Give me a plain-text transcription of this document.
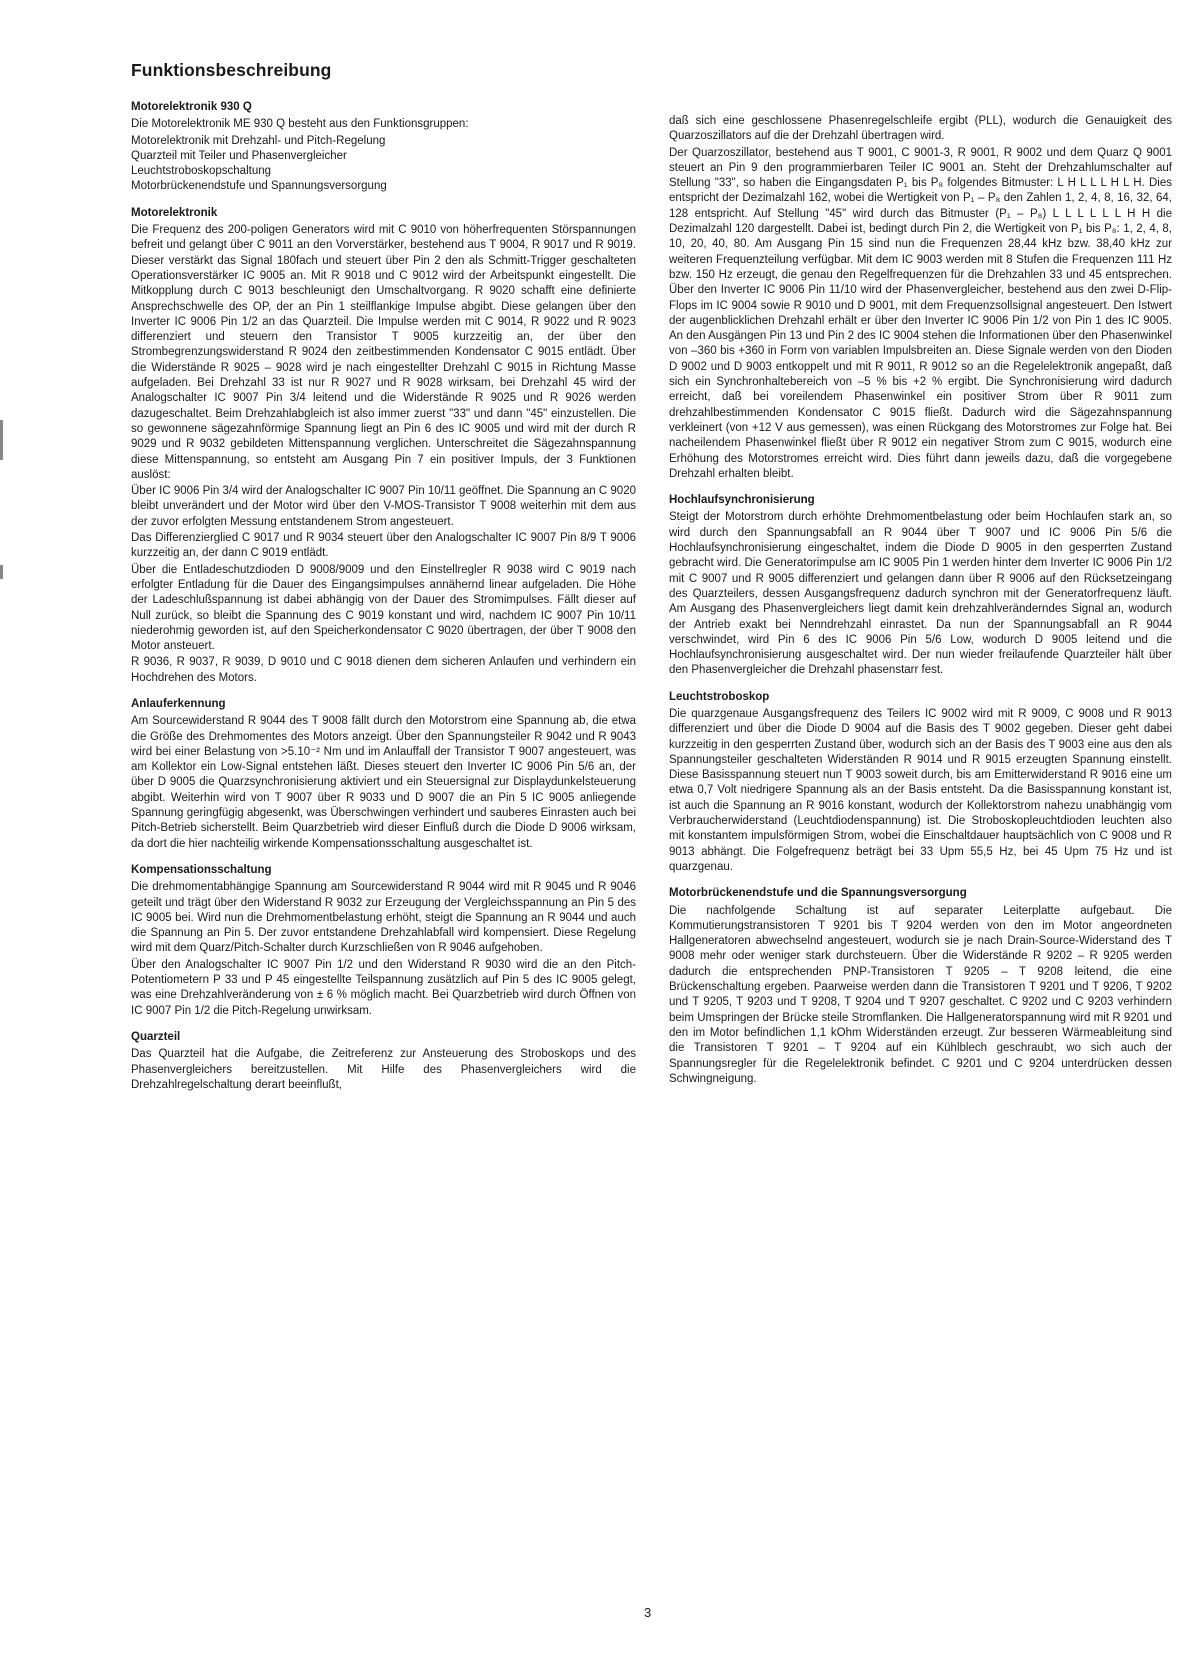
Funktionsbeschreibung
Motorelektronik 930 Q

Die Motorelektronik ME 930 Q besteht aus den Funktionsgruppen:

Motorelektronik mit Drehzahl- und Pitch-Regelung
Quarzteil mit Teiler und Phasenvergleicher
Leuchtstroboskopschaltung
Motorbrückenendstufe und Spannungsversorgung
Motorelektronik

Die Frequenz des 200-poligen Generators wird mit C 9010 von höherfrequenten Störspannungen befreit und gelangt über C 9011 an den Vorverstärker, bestehend aus T 9004, R 9017 und R 9019. Dieser verstärkt das Signal 180fach und steuert über Pin 2 den als Schmitt-Trigger geschalteten Operationsverstärker IC 9005 an. Mit R 9018 und C 9012 wird der Arbeitspunkt eingestellt. Die Mitkopplung durch C 9013 beschleunigt den Umschaltvorgang. R 9020 schafft eine definierte Ansprechschwelle des OP, der an Pin 1 steilflankige Impulse abgibt. Diese gelangen über den Inverter IC 9006 Pin 1/2 an das Quarzteil. Die Impulse werden mit C 9014, R 9022 und R 9023 differenziert und steuern den Transistor T 9005 kurzzeitig an, der über den Strombegrenzungswiderstand R 9024 den zeitbestimmenden Kondensator C 9015 entlädt. Über die Widerstände R 9025 – 9028 wird je nach eingestellter Drehzahl C 9015 in Richtung Masse aufgeladen. Bei Drehzahl 33 ist nur R 9027 und R 9028 wirksam, bei Drehzahl 45 wird der Analogschalter IC 9007 Pin 3/4 leitend und die Widerstände R 9025 und R 9026 werden dazugeschaltet. Beim Drehzahlabgleich ist also immer zuerst "33" und dann "45" einzustellen. Die so gewonnene sägezahnförmige Spannung liegt an Pin 6 des IC 9005 und wird mit der durch R 9029 und R 9032 gebildeten Mittenspannung verglichen. Unterschreitet die Sägezahnspannung diese Mittenspannung, so entsteht am Ausgang Pin 7 ein positiver Impuls, der 3 Funktionen auslöst:

Über IC 9006 Pin 3/4 wird der Analogschalter IC 9007 Pin 10/11 geöffnet. Die Spannung an C 9020 bleibt unverändert und der Motor wird über den V-MOS-Transistor T 9008 weiterhin mit dem aus der zuvor erfolgten Messung entstandenem Strom angesteuert.

Das Differenzierglied C 9017 und R 9034 steuert über den Analogschalter IC 9007 Pin 8/9 T 9006 kurzzeitig an, der dann C 9019 entlädt.

Über die Entladeschutzdioden D 9008/9009 und den Einstellregler R 9038 wird C 9019 nach erfolgter Entladung für die Dauer des Eingangsimpulses annähernd linear aufgeladen. Die Höhe der Ladeschlußspannung ist dabei abhängig von der Dauer des Stromimpulses. Fällt dieser auf Null zurück, so bleibt die Spannung des C 9019 konstant und wird, nachdem IC 9007 Pin 10/11 niederohmig geworden ist, auf den Speicherkondensator C 9020 übertragen, der über T 9008 den Motor ansteuert.

R 9036, R 9037, R 9039, D 9010 und C 9018 dienen dem sicheren Anlaufen und verhindern ein Hochdrehen des Motors.

Anlauferkennung

Am Sourcewiderstand R 9044 des T 9008 fällt durch den Motorstrom eine Spannung ab, die etwa die Größe des Drehmomentes des Motors anzeigt. Über den Spannungsteiler R 9042 und R 9043 wird bei einer Belastung von >5.10⁻² Nm und im Anlauffall der Transistor T 9007 angesteuert, was am Kollektor ein Low-Signal entstehen läßt. Dieses steuert den Inverter IC 9006 Pin 5/6 an, der über D 9005 die Quarzsynchronisierung aktiviert und ein Steuersignal zur Displaydunkelsteuerung abgibt. Weiterhin wird von T 9007 über R 9033 und D 9007 die an Pin 5 IC 9005 anliegende Spannung geringfügig abgesenkt, was Überschwingen verhindert und sauberes Einrasten auch bei Pitch-Betrieb sicherstellt. Beim Quarzbetrieb wird dieser Einfluß durch die Diode D 9006 wirksam, da dort die hier nachteilig wirkende Kompensationsschaltung ausgeschaltet ist.

Kompensationsschaltung

Die drehmomentabhängige Spannung am Sourcewiderstand R 9044 wird mit R 9045 und R 9046 geteilt und trägt über den Widerstand R 9032 zur Erzeugung der Vergleichsspannung an Pin 5 des IC 9005 bei. Wird nun die Drehmomentbelastung erhöht, steigt die Spannung an R 9044 und auch die Spannung an Pin 5. Der zuvor entstandene Drehzahlabfall wird kompensiert. Diese Regelung wird mit dem Quarz/Pitch-Schalter durch Kurzschließen von R 9046 aufgehoben.

Über den Analogschalter IC 9007 Pin 1/2 und den Widerstand R 9030 wird die an den Pitch-Potentiometern P 33 und P 45 eingestellte Teilspannung zusätzlich auf Pin 5 des IC 9005 gelegt, was eine Drehzahlveränderung von ± 6 % möglich macht. Bei Quarzbetrieb wird durch Öffnen von IC 9007 Pin 1/2 die Pitch-Regelung unwirksam.

Quarzteil

Das Quarzteil hat die Aufgabe, die Zeitreferenz zur Ansteuerung des Stroboskops und des Phasenvergleichers bereitzustellen. Mit Hilfe des Phasenvergleichers wird die Drehzahlregelschaltung derart beeinflußt,

daß sich eine geschlossene Phasenregelschleife ergibt (PLL), wodurch die Genauigkeit des Quarzoszillators auf die der Drehzahl übertragen wird.

Der Quarzoszillator, bestehend aus T 9001, C 9001-3, R 9001, R 9002 und dem Quarz Q 9001 steuert an Pin 9 den programmierbaren Teiler IC 9001 an. Steht der Drehzahlumschalter auf Stellung "33", so haben die Eingangsdaten P₁ bis P₈ folgendes Bitmuster: L H L L L H L H. Dies entspricht der Dezimalzahl 162, wobei die Wertigkeit von P₁ – P₈ den Zahlen 1, 2, 4, 8, 16, 32, 64, 128 entspricht. Auf Stellung "45" wird durch das Bitmuster (P₁ – P₈) L L L L L L H H die Dezimalzahl 120 dargestellt. Dabei ist, bedingt durch Pin 2, die Wertigkeit von P₁ bis P₈: 1, 2, 4, 8, 10, 20, 40, 80. Am Ausgang Pin 15 sind nun die Frequenzen 28,44 kHz bzw. 38,40 kHz zur weiteren Frequenzteilung verfügbar. Mit dem IC 9003 werden mit 8 Stufen die Frequenzen 111 Hz bzw. 150 Hz erzeugt, die genau den Regelfrequenzen für die Drehzahlen 33 und 45 entsprechen. Über den Inverter IC 9006 Pin 11/10 wird der Phasenvergleicher, bestehend aus den zwei D-Flip-Flops im IC 9004 sowie R 9010 und D 9001, mit dem Frequenzsollsignal angesteuert. Den Istwert der augenblicklichen Drehzahl erhält er über den Inverter IC 9006 Pin 1/2 von Pin 1 des IC 9005. An den Ausgängen Pin 13 und Pin 2 des IC 9004 stehen die Informationen über den Phasenwinkel von –360 bis +360 in Form von variablen Impulsbreiten an. Diese Signale werden von den Dioden D 9002 und D 9003 entkoppelt und mit R 9011, R 9012 so an die Regelelektronik angepaßt, daß sich ein Synchronhaltebereich von –5 % bis +2 % ergibt. Die Synchronisierung wird dadurch erreicht, daß bei voreilendem Phasenwinkel ein positiver Strom über R 9011 zum drehzahlbestimmenden Kondensator C 9015 fließt. Dadurch wird die Sägezahnspannung verkleinert (von +12 V aus gemessen), was einen Rückgang des Motorstromes zur Folge hat. Bei nacheilendem Phasenwinkel fließt über R 9012 ein negativer Strom zum C 9015, wodurch eine Erhöhung des Motorstromes erreicht wird. Dies führt dann jeweils dazu, daß die vorgegebene Drehzahl erhalten bleibt.

Hochlaufsynchronisierung

Steigt der Motorstrom durch erhöhte Drehmomentbelastung oder beim Hochlaufen stark an, so wird durch den Spannungsabfall an R 9044 über T 9007 und IC 9006 Pin 5/6 die Hochlaufsynchronisierung eingeschaltet, indem die Diode D 9005 in den gesperrten Zustand gebracht wird. Die Generatorimpulse am IC 9005 Pin 1 werden hinter dem Inverter IC 9006 Pin 1/2 mit C 9007 und R 9005 differenziert und gelangen dann über R 9006 auf den Rücksetzeingang des Quarzteilers, dessen Ausgangsfrequenz dadurch synchron mit der Generatorfrequenz läuft. Am Ausgang des Phasenvergleichers liegt damit kein drehzahlveränderndes Signal an, wodurch der Antrieb exakt bei Nenndrehzahl einrastet. Da nun der Spannungsabfall an R 9044 verschwindet, wird Pin 6 des IC 9006 Pin 5/6 Low, wodurch D 9005 leitend und die Hochlaufsynchronisierung ausgeschaltet wird. Der nun wieder freilaufende Quarzteiler hält über den Phasenvergleicher die Drehzahl phasenstarr fest.

Leuchtstroboskop

Die quarzgenaue Ausgangsfrequenz des Teilers IC 9002 wird mit R 9009, C 9008 und R 9013 differenziert und über die Diode D 9004 auf die Basis des T 9002 gegeben. Dieser geht dabei kurzzeitig in den gesperrten Zustand über, wodurch sich an der Basis des T 9003 eine aus den als Spannungsteiler geschalteten Widerständen R 9014 und R 9015 erzeugten Spannung einstellt. Diese Basisspannung steuert nun T 9003 soweit durch, bis am Emitterwiderstand R 9016 eine um etwa 0,7 Volt niedrigere Spannung als an der Basis entsteht. Da die Basisspannung konstant ist, ist auch die Spannung an R 9016 konstant, wodurch der Kollektorstrom nahezu unabhängig vom Verbraucherwiderstand (Leuchtdiodenspannung) ist. Die Stroboskopleuchtdioden leuchten also mit konstantem impulsförmigen Strom, wobei die Einschaltdauer hauptsächlich von C 9008 und R 9013 abhängt. Die Folgefrequenz beträgt bei 33 Upm 55,5 Hz, bei 45 Upm 75 Hz und ist quarzgenau.

Motorbrückenendstufe und die Spannungsversorgung

Die nachfolgende Schaltung ist auf separater Leiterplatte aufgebaut. Die Kommutierungstransistoren T 9201 bis T 9204 werden von den im Motor angeordneten Hallgeneratoren abwechselnd angesteuert, wodurch sie je nach Drain-Source-Widerstand des T 9008 mehr oder weniger stark durchsteuern. Über die Widerstände R 9202 – R 9205 werden dadurch die entsprechenden PNP-Transistoren T 9205 – T 9208 leitend, die eine Brückenschaltung ergeben. Paarweise werden dann die Transistoren T 9201 und T 9206, T 9202 und T 9205, T 9203 und T 9208, T 9204 und T 9207 geschaltet. C 9202 und C 9203 verhindern beim Umspringen der Brücke steile Stromflanken. Die Hallgeneratorspannung wird mit R 9201 und den im Motor befindlichen 1,1 kOhm Widerständen erzeugt. Zur besseren Wärmeableitung sind die Transistoren T 9201 – T 9204 auf ein Kühlblech geschraubt, wo sich auch der Spannungsregler für die Regelelektronik befindet. C 9201 und C 9204 unterdrücken dessen Schwingneigung.

3
